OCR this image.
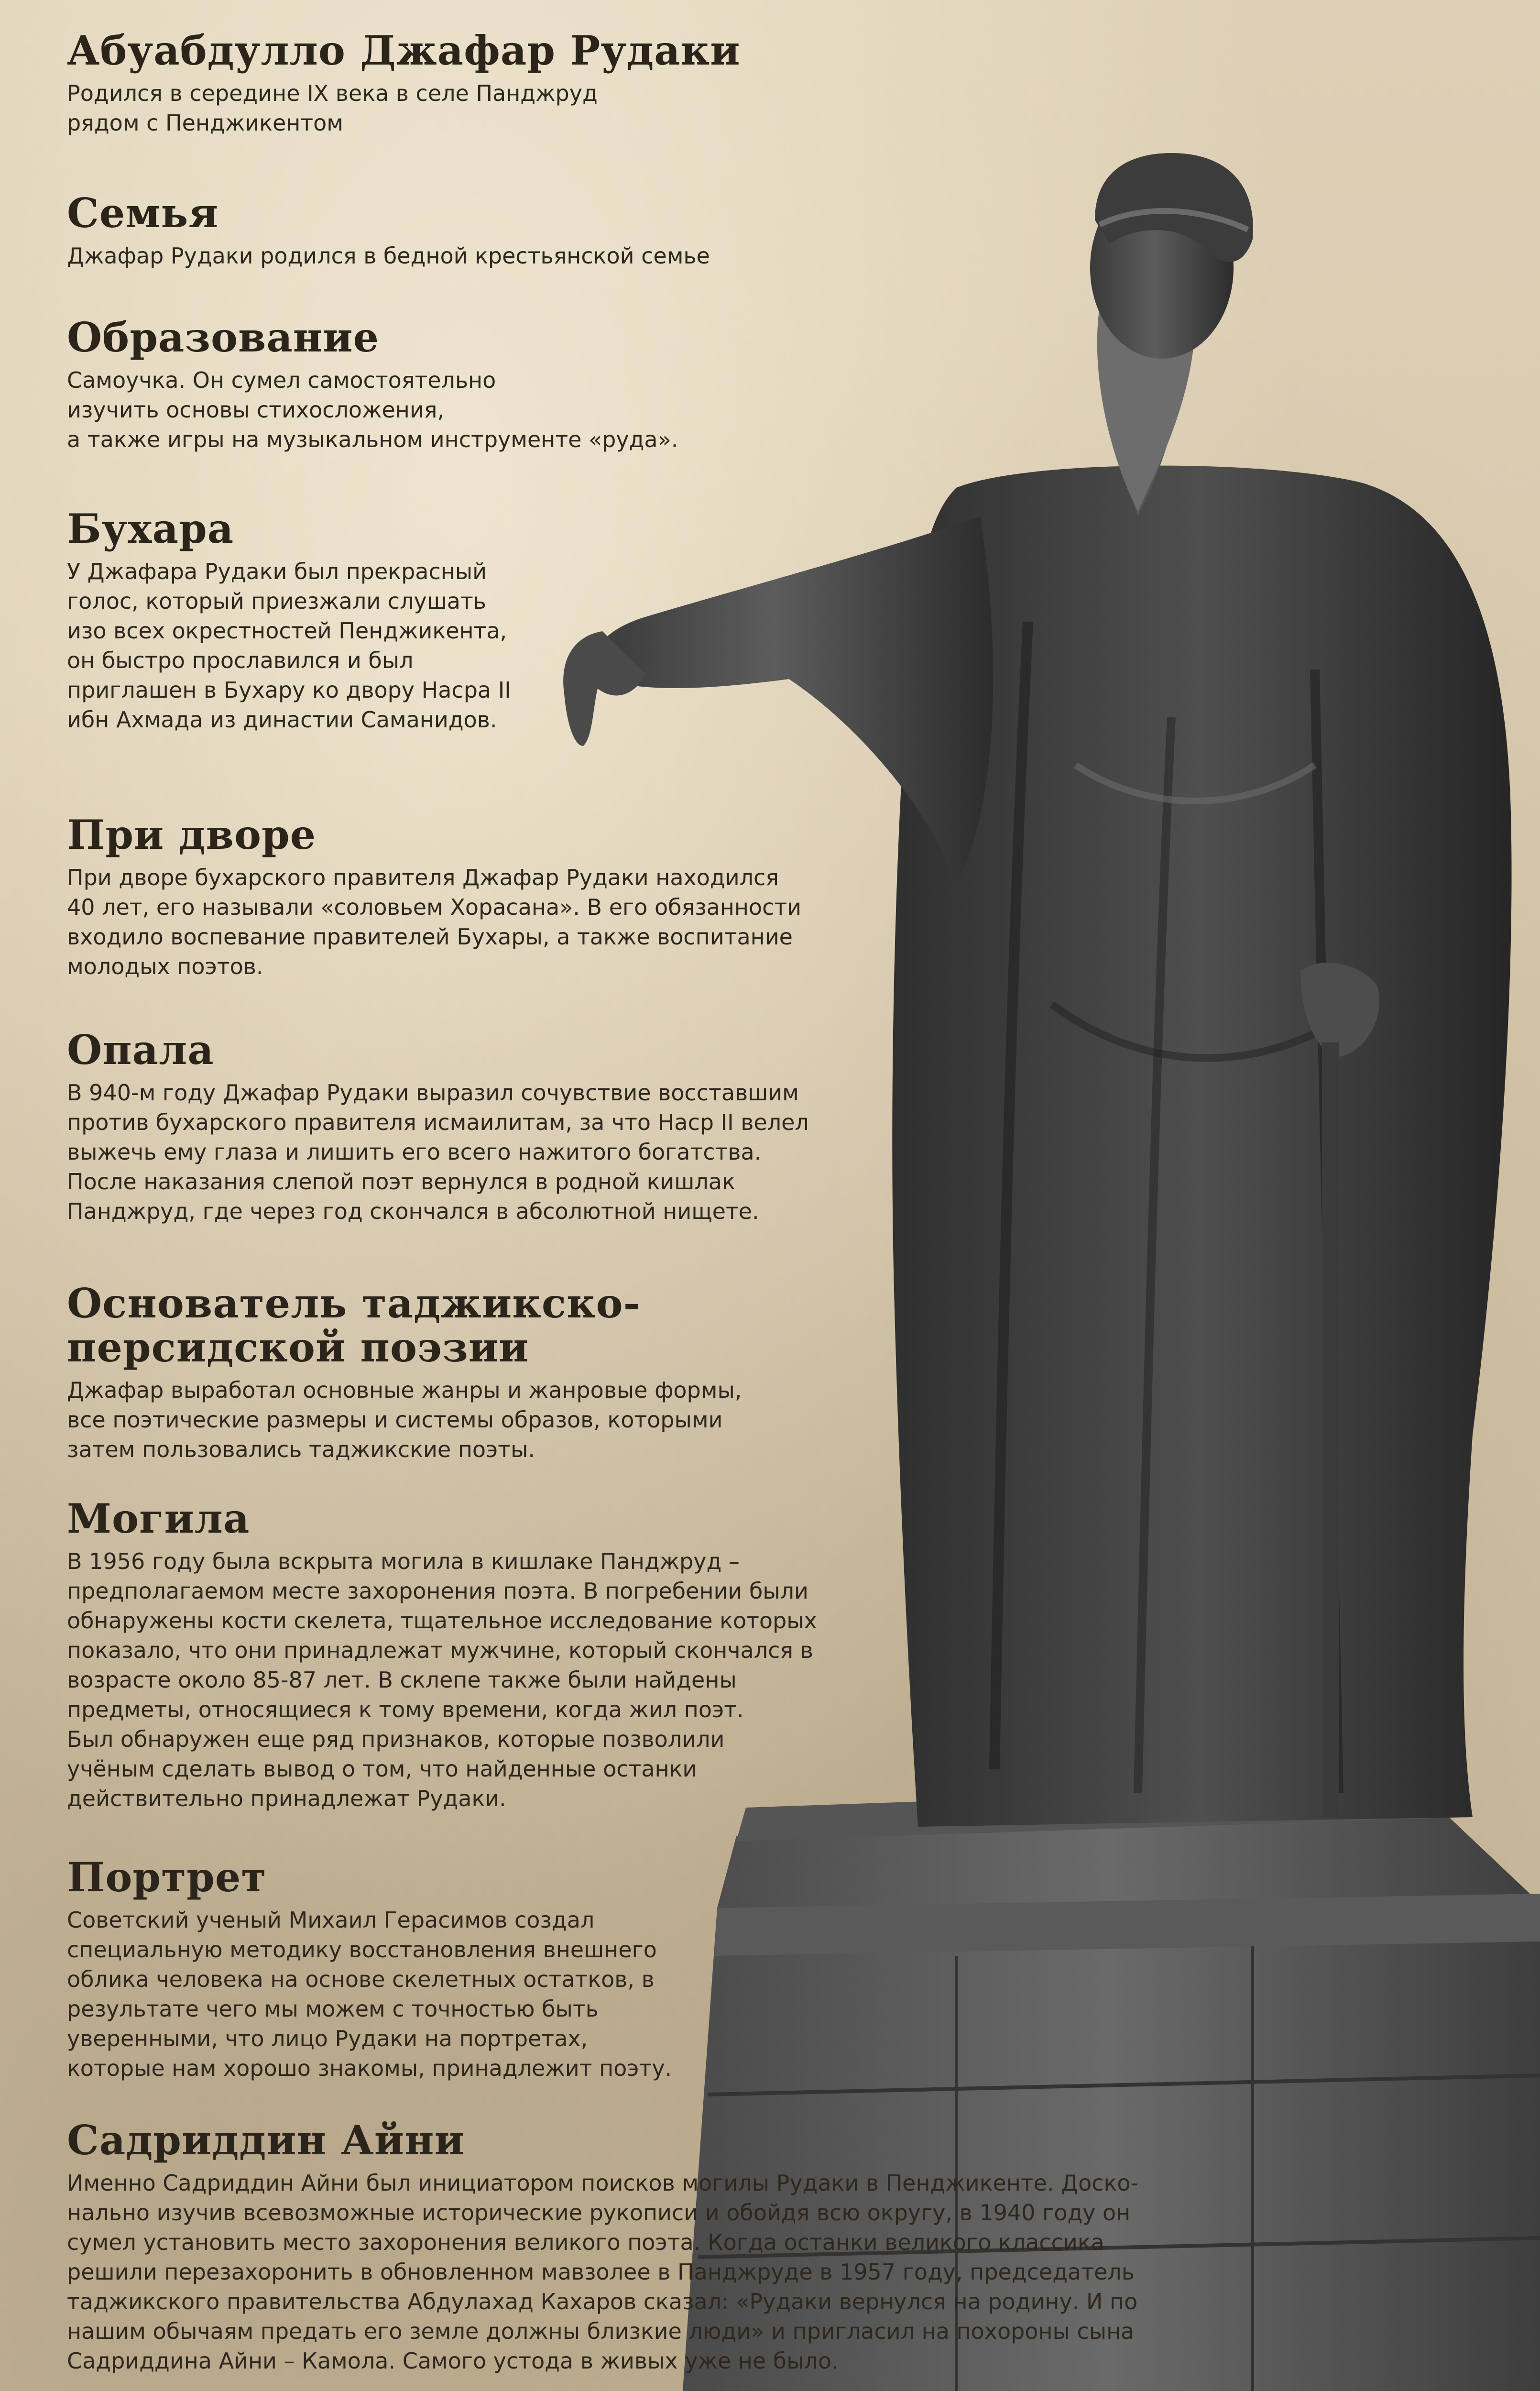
Абуабдулло Джафар Рудаки

Родился в середине IX века в селе Панджруд
рядом с Пенджикентом

Семья

Джафар Рудаки родился в бедной крестьянской семье

Образование

Самоучка. Он сумел самостоятельно
изучить основы стихосложения,
а также игры на музыкальном инструменте «руда».

Бухара

У Джафара Рудаки был прекрасный
голос, который приезжали слушать
изо всех окрестностей Пенджикента,
он быстро прославился и был
приглашен в Бухару ко двору Насра II
ибн Ахмада из династии Саманидов.

При дворе

При дворе бухарского правителя Джафар Рудаки находился
40 лет, его называли «соловьем Хорасана». В его обязанности
входило воспевание правителей Бухары, а также воспитание
молодых поэтов.

Опала

В 940-м году Джафар Рудаки выразил сочувствие восставшим
против бухарского правителя исмаилитам, за что Наср II велел
выжечь ему глаза и лишить его всего нажитого богатства.
После наказания слепой поэт вернулся в родной кишлак
Панджруд, где через год скончался в абсолютной нищете.

Основатель таджикско-
персидской поэзии

Джафар выработал основные жанры и жанровые формы,
все поэтические размеры и системы образов, которыми
затем пользовались таджикские поэты.

Могила

В 1956 году была вскрыта могила в кишлаке Панджруд –
предполагаемом месте захоронения поэта. В погребении были
обнаружены кости скелета, тщательное исследование которых
показало, что они принадлежат мужчине, который скончался в
возрасте около 85-87 лет. В склепе также были найдены
предметы, относящиеся к тому времени, когда жил поэт.
Был обнаружен еще ряд признаков, которые позволили
учёным сделать вывод о том, что найденные останки
действительно принадлежат Рудаки.

Портрет

Советский ученый Михаил Герасимов создал
специальную методику восстановления внешнего
облика человека на основе скелетных остатков, в
результате чего мы можем с точностью быть
уверенными, что лицо Рудаки на портретах,
которые нам хорошо знакомы, принадлежит поэту.

Садриддин Айни

Именно Садриддин Айни был инициатором поисков могилы Рудаки в Пенджикенте. Доско-
нально изучив всевозможные исторические рукописи и обойдя всю округу, в 1940 году он
сумел установить место захоронения великого поэта. Когда останки великого классика
решили перезахоронить в обновленном мавзолее в Панджруде в 1957 году, председатель
таджикского правительства Абдулахад Кахаров сказал: «Рудаки вернулся на родину. И по
нашим обычаям предать его земле должны близкие люди» и пригласил на похороны сына
Садриддина Айни – Камола. Самого устода в живых уже не было.
